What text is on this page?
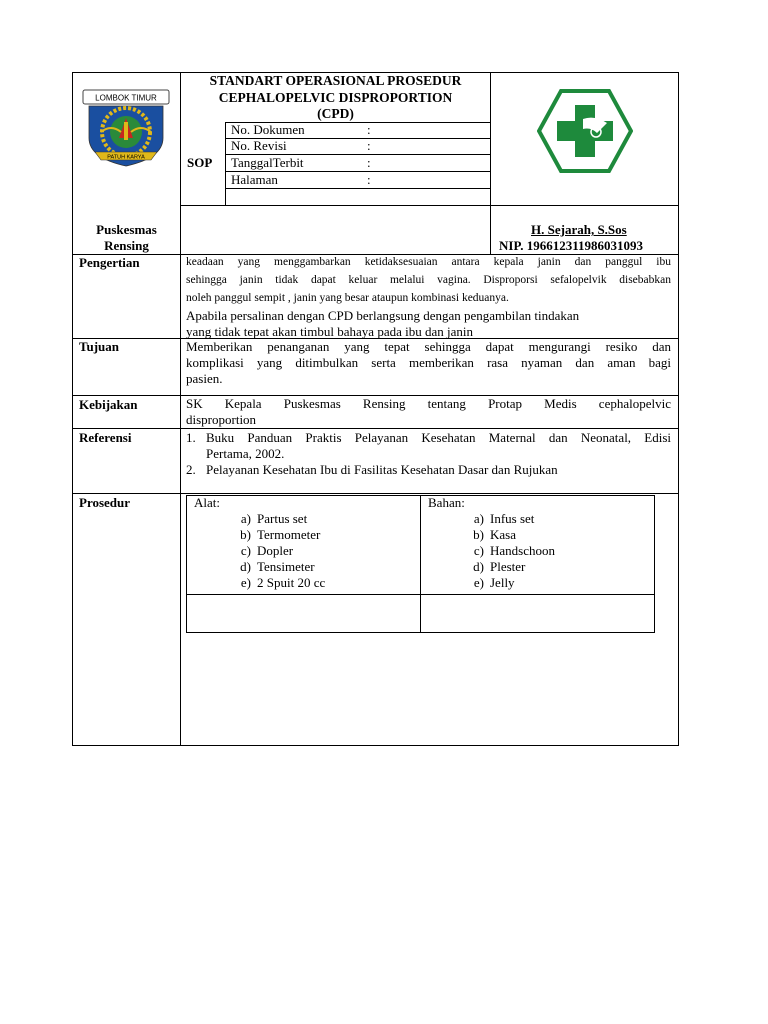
LOMBOK TIMUR
PATUH KARYA
STANDART OPERASIONAL PROSEDUR
CEPHALOPELVIC DISPROPORTION
(CPD)
SOP
No. Dokumen	:
No. Revisi	:
TanggalTerbit	:
Halaman	:
Puskesmas
Rensing
H. Sejarah, S.Sos
NIP. 196612311986031093
Pengertian	keadaan yang menggambarkan ketidaksesuaian antara kepala janin dan panggul ibu
sehingga janin tidak dapat keluar melalui vagina. Disproporsi sefalopelvik disebabkan
noleh panggul sempit , janin yang besar ataupun kombinasi keduanya.
Apabila persalinan dengan CPD berlangsung dengan pengambilan tindakan
yang tidak tepat akan timbul bahaya pada ibu dan janin
Tujuan	Memberikan penanganan yang tepat sehingga dapat mengurangi resiko dan
komplikasi yang ditimbulkan serta memberikan rasa nyaman dan aman bagi
pasien.
Kebijakan	SK Kepala Puskesmas Rensing tentang Protap Medis cephalopelvic
disproportion
Referensi	1. Buku Panduan Praktis Pelayanan Kesehatan Maternal dan Neonatal, Edisi
Pertama, 2002.
2. Pelayanan Kesehatan Ibu di Fasilitas Kesehatan Dasar dan Rujukan
Prosedur	Alat:
a) Partus set
b) Termometer
c) Dopler
d) Tensimeter
e) 2 Spuit 20 cc
Bahan:
a) Infus set
b) Kasa
c) Handschoon
d) Plester
e) Jelly
